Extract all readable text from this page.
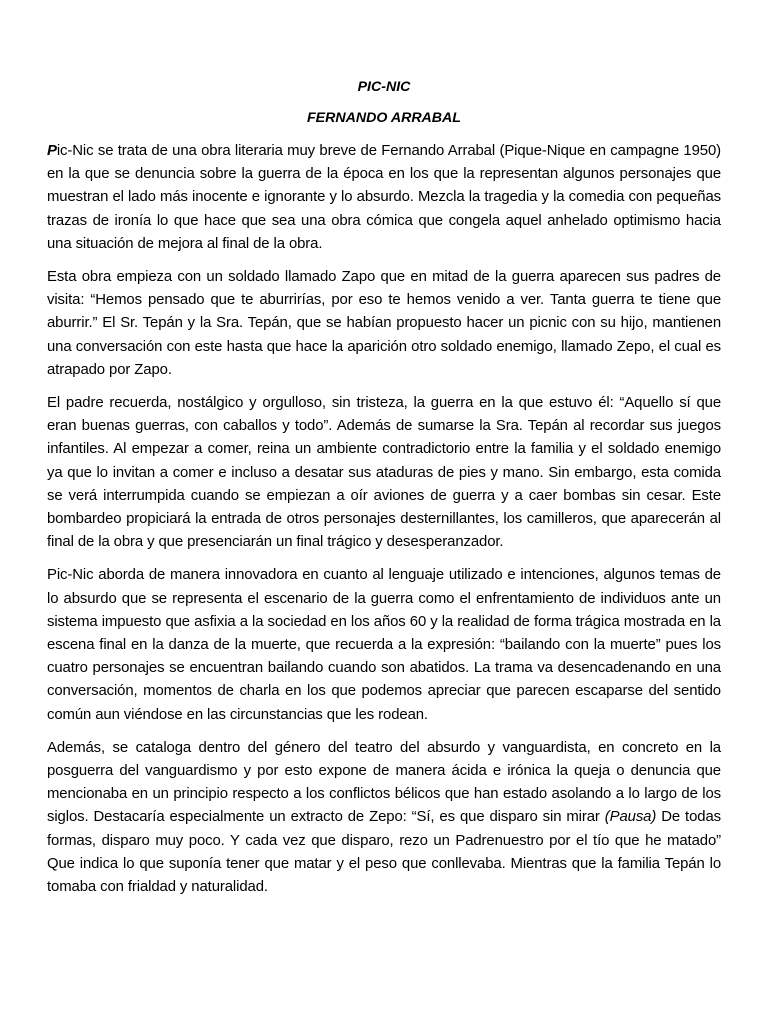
PIC-NIC
FERNANDO ARRABAL

Pic-Nic se trata de una obra literaria muy breve de Fernando Arrabal (Pique-Nique en campagne 1950) en la que se denuncia sobre la guerra de la época en los que la representan algunos personajes que muestran el lado más inocente e ignorante y lo absurdo. Mezcla la tragedia y la comedia con pequeñas trazas de ironía lo que hace que sea una obra cómica que congela aquel anhelado optimismo hacia una situación de mejora al final de la obra.

Esta obra empieza con un soldado llamado Zapo que en mitad de la guerra aparecen sus padres de visita: “Hemos pensado que te aburrirías, por eso te hemos venido a ver. Tanta guerra te tiene que aburrir.” El Sr. Tepán y la Sra. Tepán, que se habían propuesto hacer un picnic con su hijo, mantienen una conversación con este hasta que hace la aparición otro soldado enemigo, llamado Zepo, el cual es atrapado por Zapo.

El padre recuerda, nostálgico y orgulloso, sin tristeza, la guerra en la que estuvo él: “Aquello sí que eran buenas guerras, con caballos y todo”. Además de sumarse la Sra. Tepán al recordar sus juegos infantiles. Al empezar a comer, reina un ambiente contradictorio entre la familia y el soldado enemigo ya que lo invitan a comer e incluso a desatar sus ataduras de pies y mano. Sin embargo, esta comida se verá interrumpida cuando se empiezan a oír aviones de guerra y a caer bombas sin cesar. Este bombardeo propiciará la entrada de otros personajes desternillantes, los camilleros, que aparecerán al final de la obra y que presenciarán un final trágico y desesperanzador.

Pic-Nic aborda de manera innovadora en cuanto al lenguaje utilizado e intenciones, algunos temas de lo absurdo que se representa el escenario de la guerra como el enfrentamiento de individuos ante un sistema impuesto que asfixia a la sociedad en los años 60 y la realidad de forma trágica mostrada en la escena final en la danza de la muerte, que recuerda a la expresión: “bailando con la muerte” pues los cuatro personajes se encuentran bailando cuando son abatidos. La trama va desencadenando en una conversación, momentos de charla en los que podemos apreciar que parecen escaparse del sentido común aun viéndose en las circunstancias que les rodean.

Además, se cataloga dentro del género del teatro del absurdo y vanguardista, en concreto en la posguerra del vanguardismo y por esto expone de manera ácida e irónica la queja o denuncia que mencionaba en un principio respecto a los conflictos bélicos que han estado asolando a lo largo de los siglos. Destacaría especialmente un extracto de Zepo: “Sí, es que disparo sin mirar (Pausa) De todas formas, disparo muy poco. Y cada vez que disparo, rezo un Padrenuestro por el tío que he matado” Que indica lo que suponía tener que matar y el peso que conllevaba. Mientras que la familia Tepán lo tomaba con frialdad y naturalidad.
